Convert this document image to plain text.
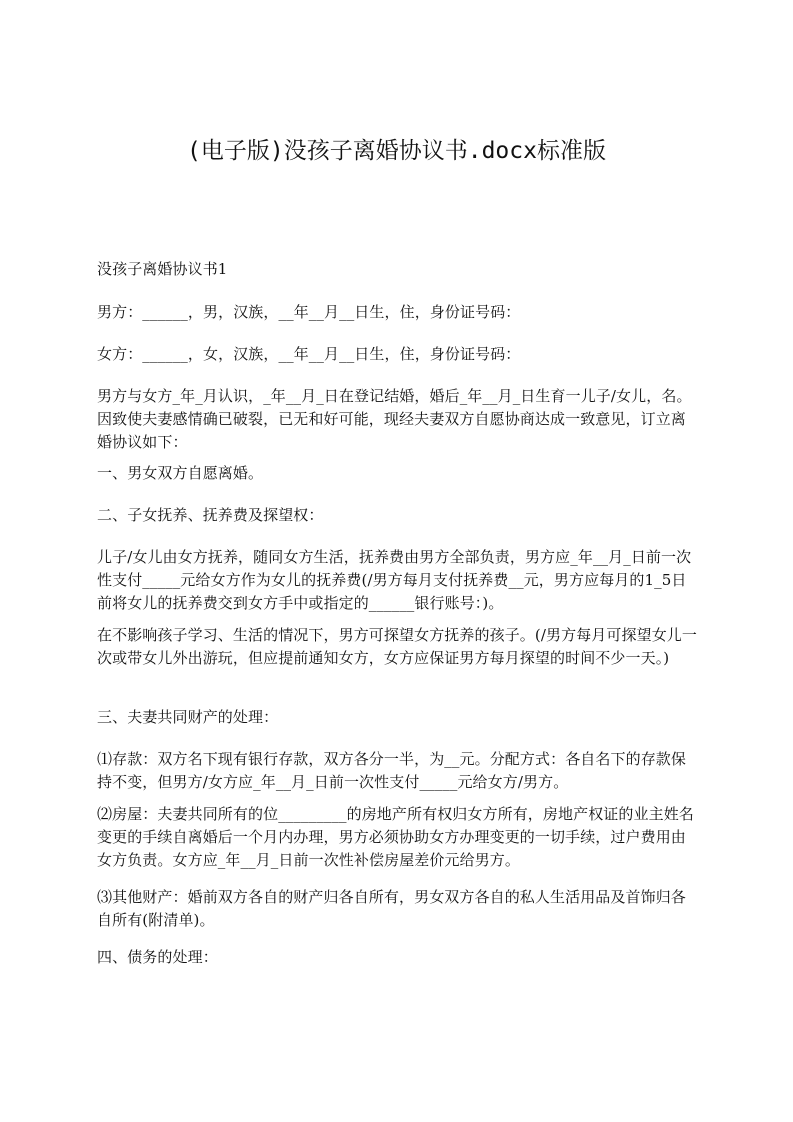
(电子版)没孩子离婚协议书.docx标准版

没孩子离婚协议书1

男方：______，男，汉族，__年__月__日生，住，身份证号码：

女方：______，女，汉族，__年__月__日生，住，身份证号码：

男方与女方_年_月认识，_年__月_日在登记结婚，婚后_年__月_日生育一儿子/女儿，名。因致使夫妻感情确已破裂，已无和好可能，现经夫妻双方自愿协商达成一致意见，订立离婚协议如下：

一、男女双方自愿离婚。

二、子女抚养、抚养费及探望权：

儿子/女儿由女方抚养，随同女方生活，抚养费由男方全部负责，男方应_年__月_日前一次性支付_____元给女方作为女儿的抚养费(/男方每月支付抚养费__元，男方应每月的1_5日前将女儿的抚养费交到女方手中或指定的______银行账号：)。

在不影响孩子学习、生活的情况下，男方可探望女方抚养的孩子。(/男方每月可探望女儿一次或带女儿外出游玩，但应提前通知女方，女方应保证男方每月探望的时间不少一天。)

三、夫妻共同财产的处理：

⑴存款：双方名下现有银行存款，双方各分一半，为__元。分配方式：各自名下的存款保持不变，但男方/女方应_年__月_日前一次性支付_____元给女方/男方。

⑵房屋：夫妻共同所有的位_________的房地产所有权归女方所有，房地产权证的业主姓名变更的手续自离婚后一个月内办理，男方必须协助女方办理变更的一切手续，过户费用由女方负责。女方应_年__月_日前一次性补偿房屋差价元给男方。

⑶其他财产：婚前双方各自的财产归各自所有，男女双方各自的私人生活用品及首饰归各自所有(附清单)。

四、债务的处理：
